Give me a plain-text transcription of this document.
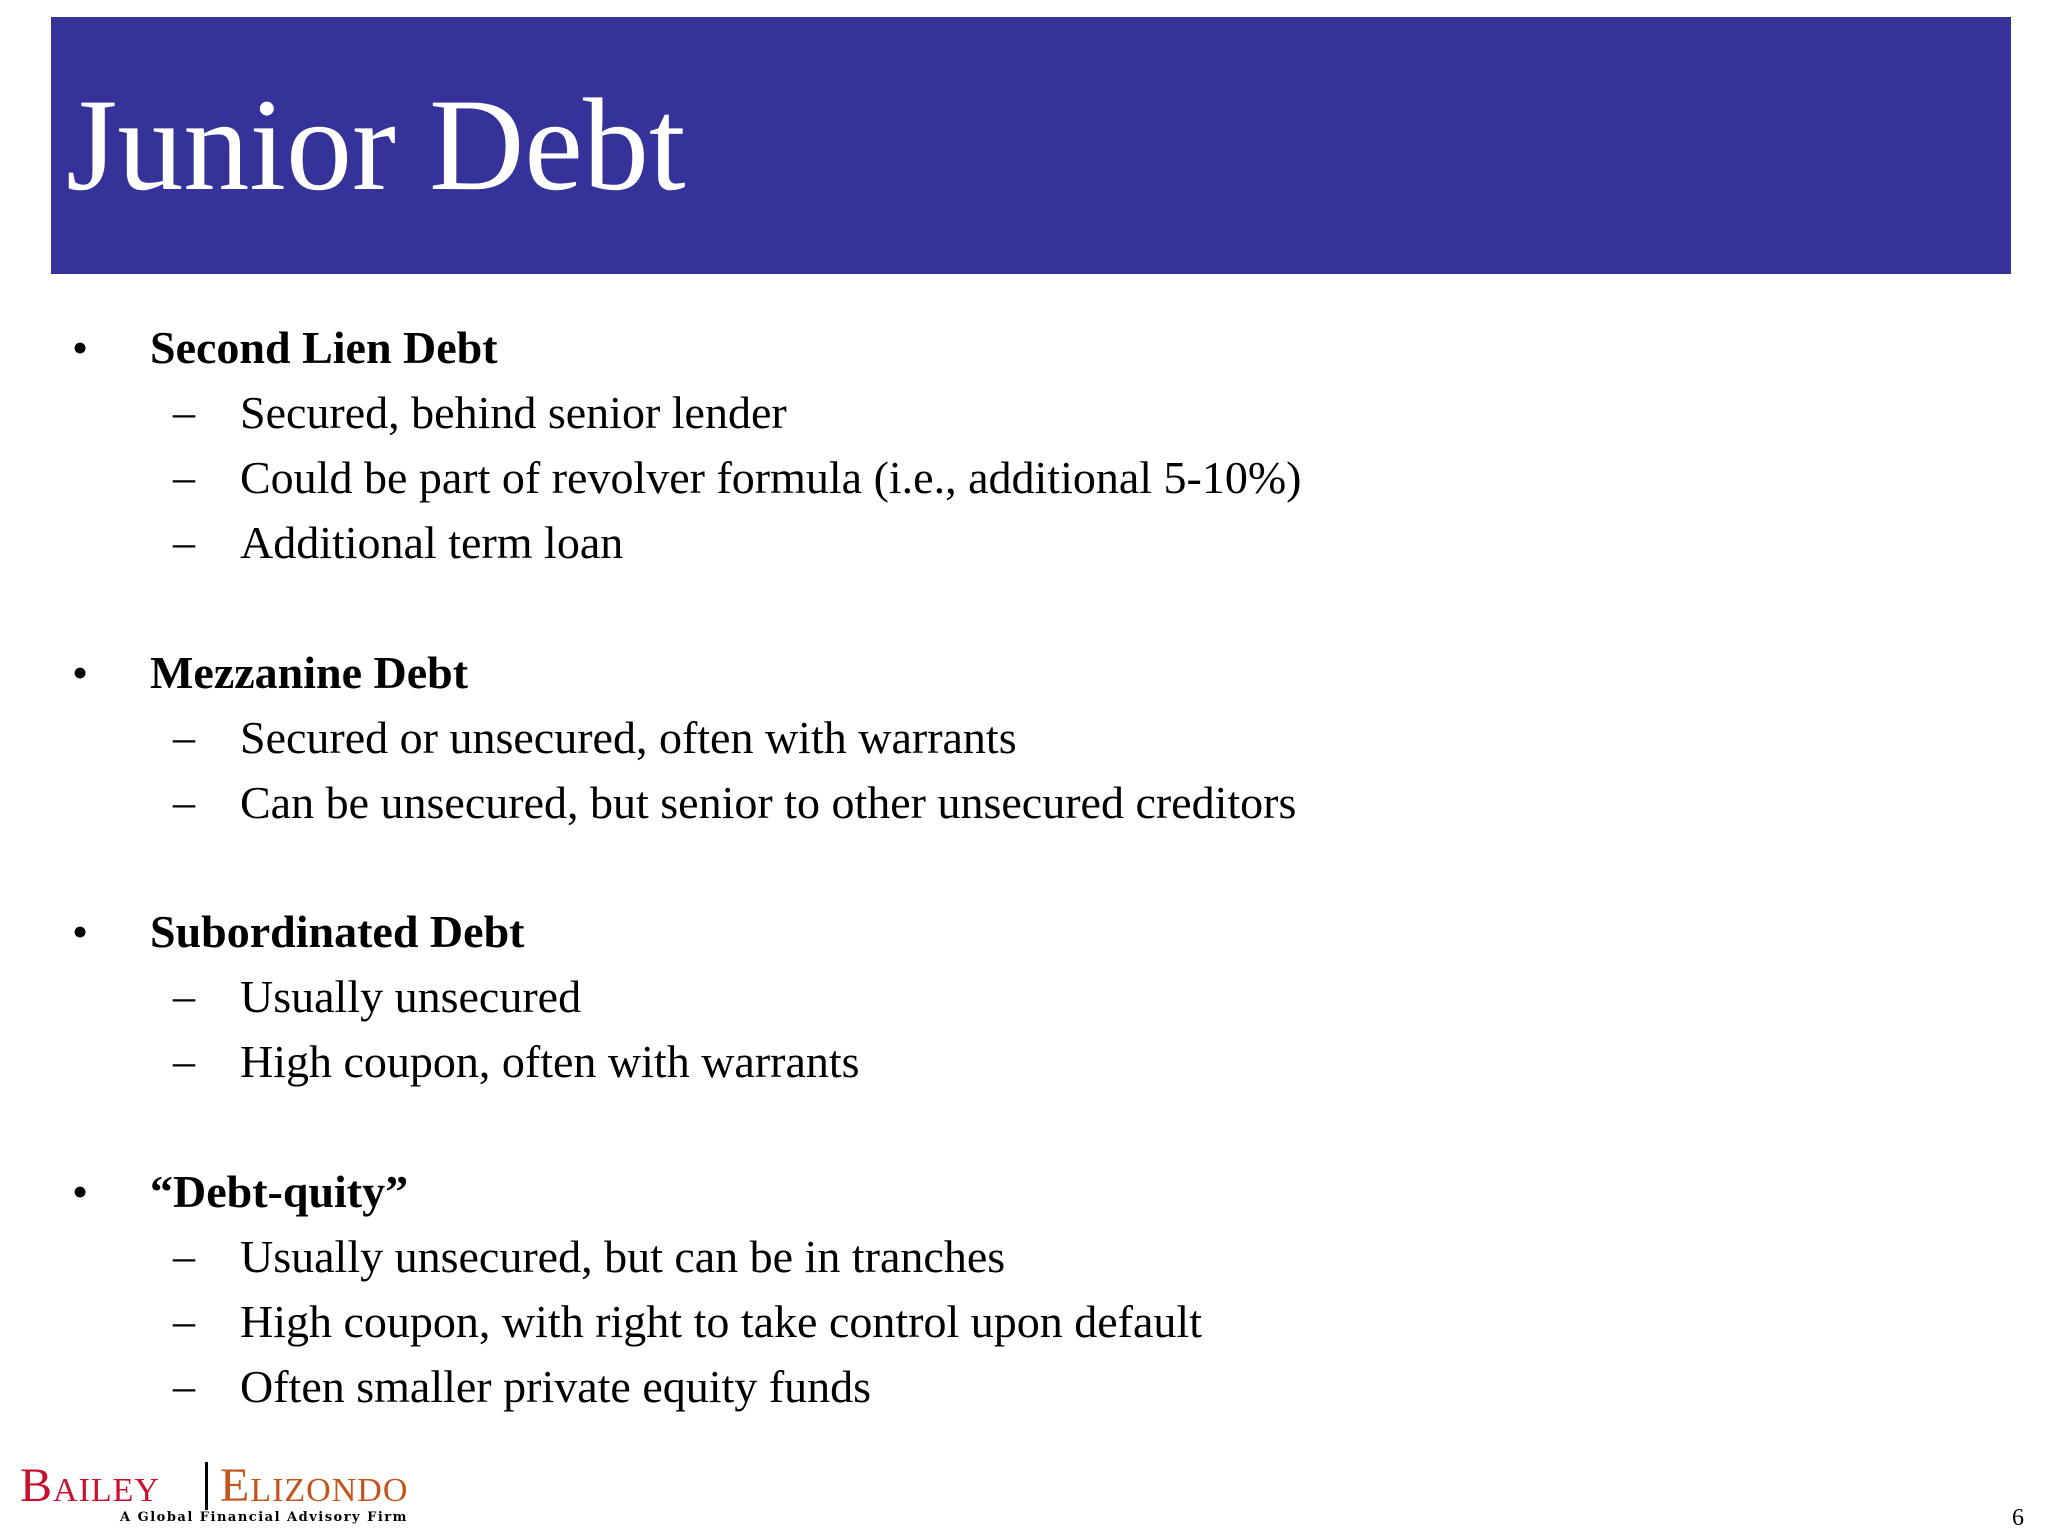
Junior Debt
• Second Lien Debt
– Secured, behind senior lender
– Could be part of revolver formula (i.e., additional 5-10%)
– Additional term loan
• Mezzanine Debt
– Secured or unsecured, often with warrants
– Can be unsecured, but senior to other unsecured creditors
• Subordinated Debt
– Usually unsecured
– High coupon, often with warrants
• “Debt-quity”
– Usually unsecured, but can be in tranches
– High coupon, with right to take control upon default
– Often smaller private equity funds
Bailey Elizondo
A Global Financial Advisory Firm	6
